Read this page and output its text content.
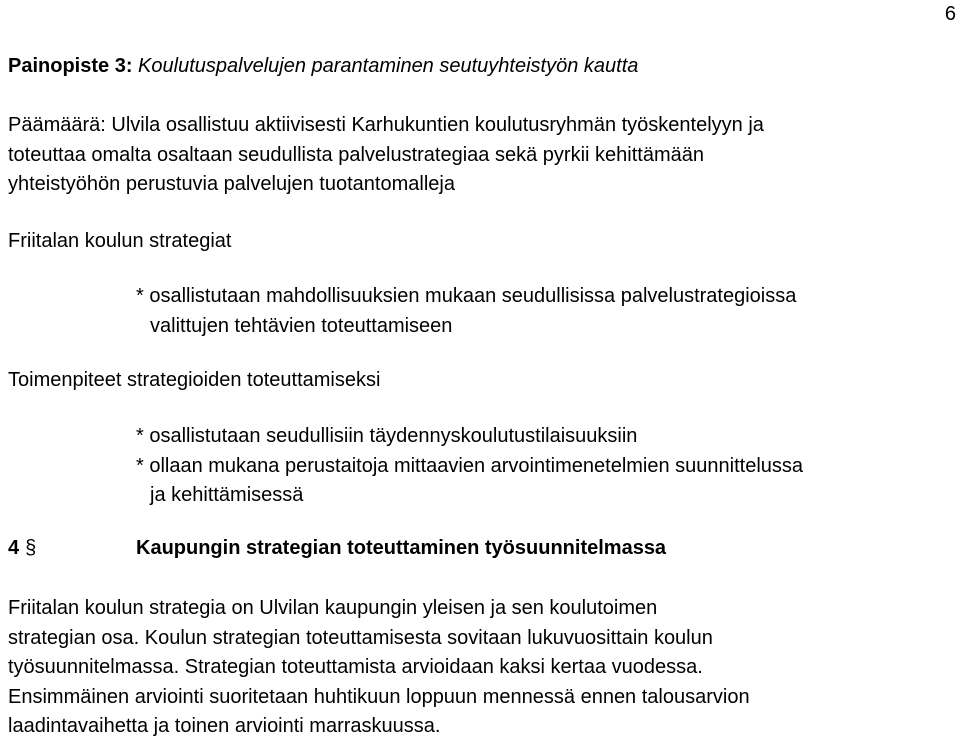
6
Painopiste 3: Koulutuspalvelujen parantaminen seutuyhteistyön kautta
Päämäärä: Ulvila osallistuu aktiivisesti Karhukuntien koulutusryhmän työskentelyyn ja
toteuttaa omalta osaltaan seudullista palvelustrategiaa sekä pyrkii kehittämään
yhteistyöhön perustuvia palvelujen tuotantomalleja
Friitalan koulun strategiat
* osallistutaan mahdollisuuksien mukaan seudullisissa palvelustrategioissa
valittujen tehtävien toteuttamiseen
Toimenpiteet strategioiden toteuttamiseksi
* osallistutaan seudullisiin täydennyskoulutustilaisuuksiin
* ollaan mukana perustaitoja mittaavien arvointimenetelmien suunnittelussa
ja kehittämisessä
4 §	Kaupungin strategian toteuttaminen työsuunnitelmassa
Friitalan koulun strategia on Ulvilan kaupungin yleisen ja sen koulutoimen
strategian osa. Koulun strategian toteuttamisesta sovitaan lukuvuosittain koulun
työsuunnitelmassa. Strategian toteuttamista arvioidaan kaksi kertaa vuodessa.
Ensimmäinen arviointi suoritetaan huhtikuun loppuun mennessä ennen talousarvion
laadintavaihetta ja toinen arviointi marraskuussa.
